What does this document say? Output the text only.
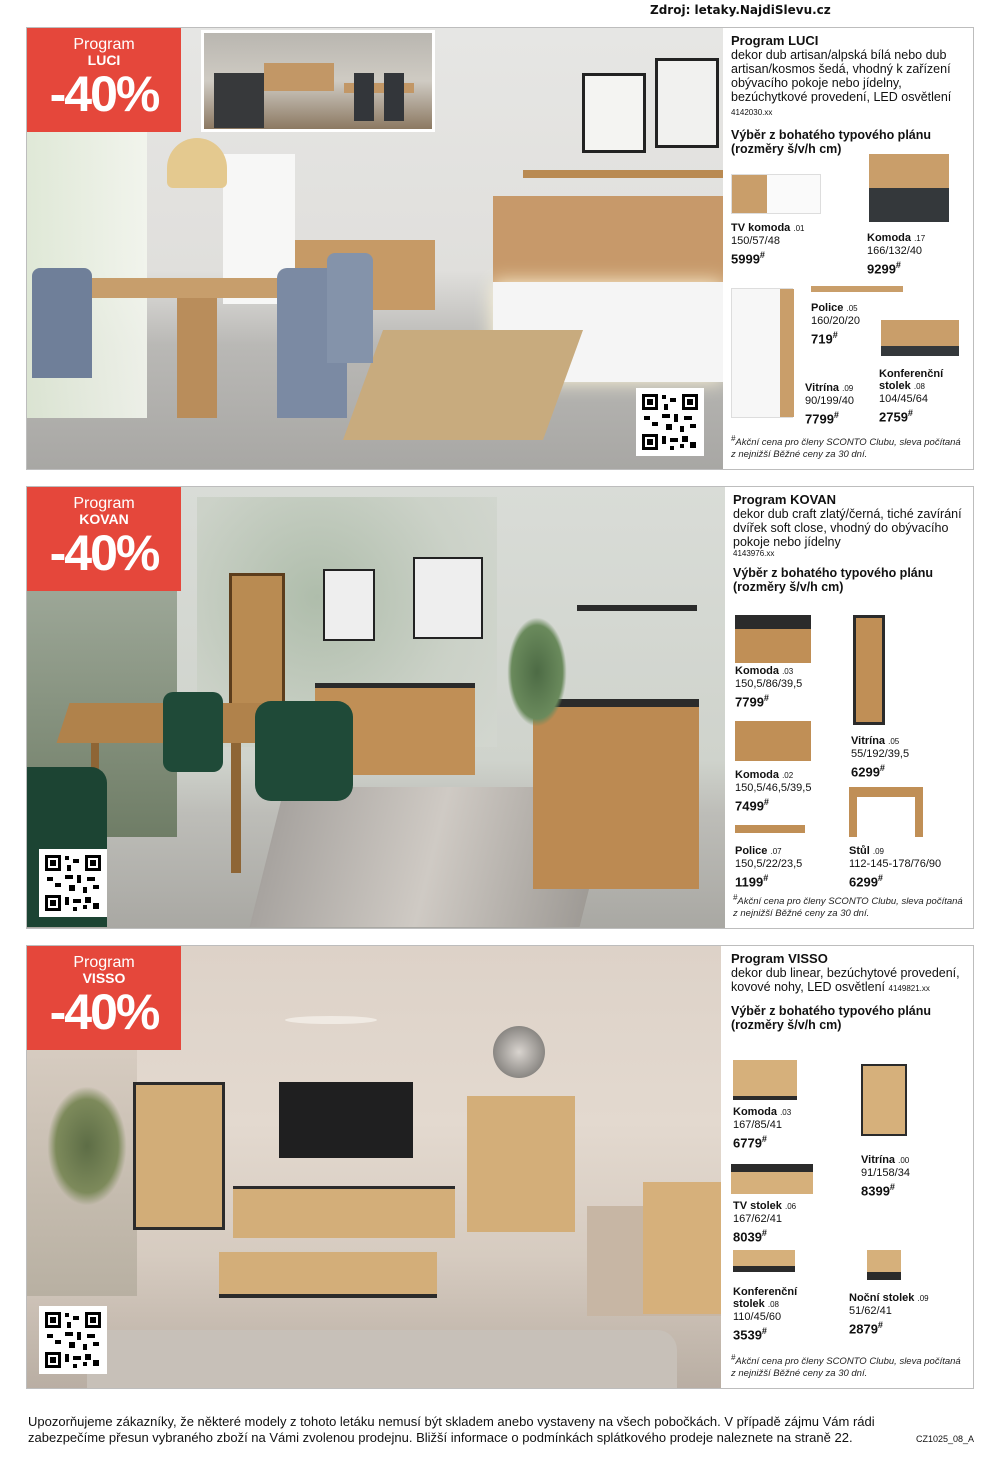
Zdroj: letaky.NajdiSlevu.cz
Program
LUCI
-40%
Program LUCI
dekor dub artisan/alpská bílá nebo dub artisan/kosmos šedá, vhodný k zařízení obývacího pokoje nebo jídelny, bezúchytkové provedení, LED osvětlení 4142030.xx
Výběr z bohatého typového plánu (rozměry š/v/h cm)
TV komoda .01
150/57/48
5999#
Komoda .17
166/132/40
9299#
Police .05
160/20/20
719#
Vitrína .09
90/199/40
7799#
Konferenční stolek .08
104/45/64
2759#
#Akční cena pro členy SCONTO Clubu, sleva počítaná z nejnižší Běžné ceny za 30 dní.
Program
KOVAN
-40%
Program KOVAN
dekor dub craft zlatý/černá, tiché zavírání dvířek soft close, vhodný do obývacího pokoje nebo jídelny
4143976.xx
Výběr z bohatého typového plánu (rozměry š/v/h cm)
Komoda .03
150,5/86/39,5
7799#
Vitrína .05
55/192/39,5
6299#
Komoda .02
150,5/46,5/39,5
7499#
Police .07
150,5/22/23,5
1199#
Stůl .09
112-145-178/76/90
6299#
#Akční cena pro členy SCONTO Clubu, sleva počítaná z nejnižší Běžné ceny za 30 dní.
Program
VISSO
-40%
Program VISSO
dekor dub linear, bezúchytové provedení, kovové nohy, LED osvětlení 4149821.xx
Výběr z bohatého typového plánu (rozměry š/v/h cm)
Komoda .03
167/85/41
6779#
Vitrína .00
91/158/34
8399#
TV stolek .06
167/62/41
8039#
Konferenční stolek .08
110/45/60
3539#
Noční stolek .09
51/62/41
2879#
#Akční cena pro členy SCONTO Clubu, sleva počítaná z nejnižší Běžné ceny za 30 dní.
Upozorňujeme zákazníky, že některé modely z tohoto letáku nemusí být skladem anebo vystaveny na všech pobočkách. V případě zájmu Vám rádi zabezpečíme přesun vybraného zboží na Vámi zvolenou prodejnu. Bližší informace o podmínkách splátkového prodeje naleznete na straně 22.	CZ1025_08_A
